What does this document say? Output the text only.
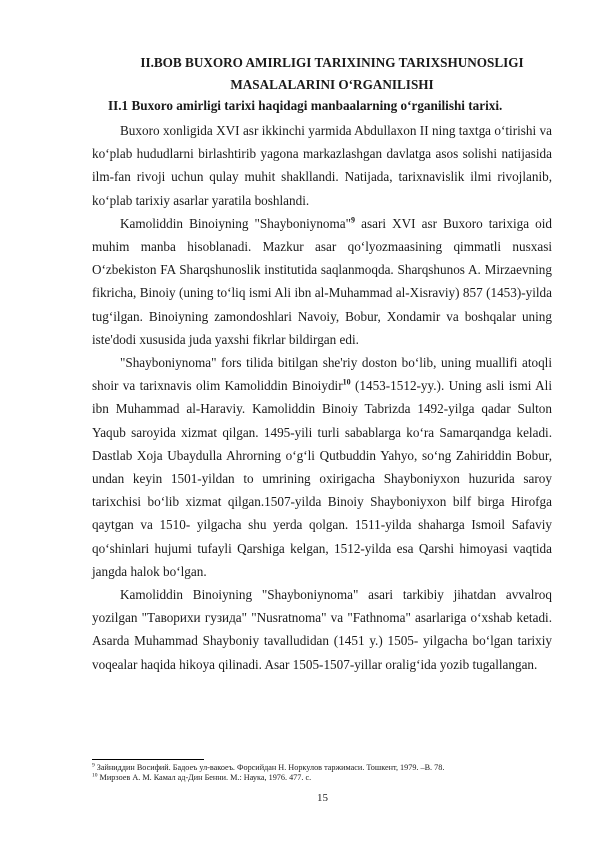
II.BOB BUXORO AMIRLIGI TARIXINING TARIXSHUNOSLIGI
MASALALARINI O‘RGANILISHI
II.1 Buxoro amirligi tarixi haqidagi manbaalarning o‘rganilishi tarixi.

Buxoro xonligida XVI asr ikkinchi yarmida Abdullaxon II ning taxtga o‘tirishi va ko‘plab hududlarni birlashtirib yagona markazlashgan davlatga asos solishi natijasida ilm-fan rivoji uchun qulay muhit shakllandi. Natijada, tarixnavislik ilmi rivojlanib, ko‘plab tarixiy asarlar yaratila boshlandi.

Kamoliddin Binoiyning "Shayboniynoma"$^9$ asari XVI asr Buxoro tarixiga oid muhim manba hisoblanadi. Mazkur asar qo‘lyozmaasining qimmatli nusxasi O‘zbekiston FA Sharqshunoslik institutida saqlanmoqda. Sharqshunos A. Mirzaevning fikricha, Binoiy (uning to‘liq ismi Ali ibn al-Muhammad al-Xisraviy) 857 (1453)-yilda tug‘ilgan. Binoiyning zamondoshlari Navoiy, Bobur, Xondamir va boshqalar uning iste'dodi xususida juda yaxshi fikrlar bildirgan edi.

"Shayboniynoma" fors tilida bitilgan she'riy doston bo‘lib, uning muallifi atoqli shoir va tarixnavis olim Kamoliddin Binoiydir$^{10}$ (1453-1512-yy.). Uning asli ismi Ali ibn Muhammad al-Haraviy. Kamoliddin Binoiy Tabrizda 1492-yilga qadar Sulton Yaqub saroyida xizmat qilgan. 1495-yili turli sabablarga ko‘ra Samarqandga keladi. Dastlab Xoja Ubaydulla Ahrorning o‘g‘li Qutbuddin Yahyo, so‘ng Zahiriddin Bobur, undan keyin 1501-yildan to umrining oxirigacha Shayboniyxon huzurida saroy tarixchisi bo‘lib xizmat qilgan.1507-yilda Binoiy Shayboniyxon bilf birga Hirofga qaytgan va 1510- yilgacha shu yerda qolgan. 1511-yilda shaharga Ismoil Safaviy qo‘shinlari hujumi tufayli Qarshiga kelgan, 1512-yilda esa Qarshi himoyasi vaqtida jangda halok bo‘lgan.

Kamoliddin Binoiyning "Shayboniynoma" asari tarkibiy jihatdan avvalroq yozilgan "Таворихи гузида" "Nusratnoma" va "Fathnoma" asarlariga o‘xshab ketadi. Asarda Muhammad Shayboniy tavalludidan (1451 y.) 1505- yilgacha bo‘lgan tarixiy voqealar haqida hikoya qilinadi. Asar 1505-1507-yillar oralig‘ida yozib tugallangan.

$^9$ Зайниддин Восифий. Бадоеъ ул-вакоеъ. Форсийдан Н. Норкулов таржимаси. Тошкент, 1979. –В. 78.
$^{10}$ Мирзоев А. М. Камал ад-Дин Бенни. М.: Наука, 1976. 477. с.
15
